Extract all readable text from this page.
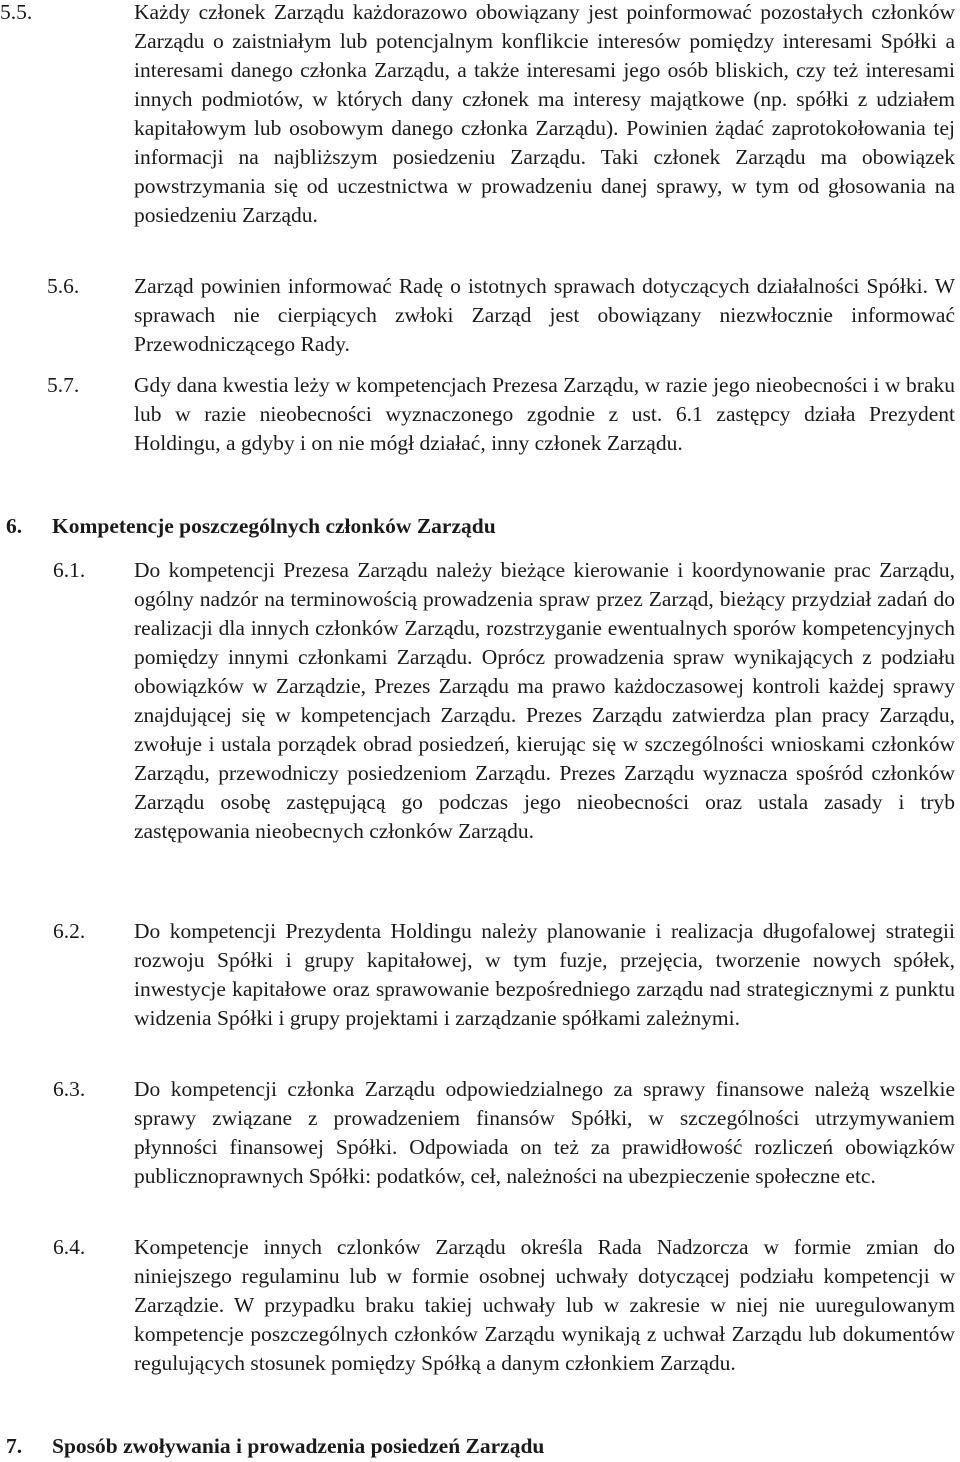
5.5.	Każdy członek Zarządu każdorazowo obowiązany jest poinformować pozostałych członków Zarządu o zaistniałym lub potencjalnym konflikcie interesów pomiędzy interesami Spółki a interesami danego członka Zarządu, a także interesami jego osób bliskich, czy też interesami innych podmiotów, w których dany członek ma interesy majątkowe (np. spółki z udziałem kapitałowym lub osobowym danego członka Zarządu). Powinien żądać zaprotokołowania tej informacji na najbliższym posiedzeniu Zarządu. Taki członek Zarządu ma obowiązek powstrzymania się od uczestnictwa w prowadzeniu danej sprawy, w tym od głosowania na posiedzeniu Zarządu.
5.6.	Zarząd powinien informować Radę o istotnych sprawach dotyczących działalności Spółki. W sprawach nie cierpiących zwłoki Zarząd jest obowiązany niezwłocznie informować Przewodniczącego Rady.
5.7.	Gdy dana kwestia leży w kompetencjach Prezesa Zarządu, w razie jego nieobecności i w braku lub w razie nieobecności wyznaczonego zgodnie z ust. 6.1 zastępcy działa Prezydent Holdingu, a gdyby i on nie mógł działać, inny członek Zarządu.
6. Kompetencje poszczególnych członków Zarządu
6.1. Do kompetencji Prezesa Zarządu należy bieżące kierowanie i koordynowanie prac Zarządu, ogólny nadzór na terminowością prowadzenia spraw przez Zarząd, bieżący przydział zadań do realizacji dla innych członków Zarządu, rozstrzyganie ewentualnych sporów kompetencyjnych pomiędzy innymi członkami Zarządu. Oprócz prowadzenia spraw wynikających z podziału obowiązków w Zarządzie, Prezes Zarządu ma prawo każdoczasowej kontroli każdej sprawy znajdującej się w kompetencjach Zarządu. Prezes Zarządu zatwierdza plan pracy Zarządu, zwołuje i ustala porządek obrad posiedzeń, kierując się w szczególności wnioskami członków Zarządu, przewodniczy posiedzeniom Zarządu. Prezes Zarządu wyznacza spośród członków Zarządu osobę zastępującą go podczas jego nieobecności oraz ustala zasady i tryb zastępowania nieobecnych członków Zarządu.
6.2. Do kompetencji Prezydenta Holdingu należy planowanie i realizacja długofalowej strategii rozwoju Spółki i grupy kapitałowej, w tym fuzje, przejęcia, tworzenie nowych spółek, inwestycje kapitałowe oraz sprawowanie bezpośredniego zarządu nad strategicznymi z punktu widzenia Spółki i grupy projektami i zarządzanie spółkami zależnymi.
6.3. Do kompetencji członka Zarządu odpowiedzialnego za sprawy finansowe należą wszelkie sprawy związane z prowadzeniem finansów Spółki, w szczególności utrzymywaniem płynności finansowej Spółki. Odpowiada on też za prawidłowość rozliczeń obowiązków publicznoprawnych Spółki: podatków, ceł, należności na ubezpieczenie społeczne etc.
6.4. Kompetencje innych czlonków Zarządu określa Rada Nadzorcza w formie zmian do niniejszego regulaminu lub w formie osobnej uchwały dotyczącej podziału kompetencji w Zarządzie. W przypadku braku takiej uchwały lub w zakresie w niej nie uuregulowanym kompetencje poszczególnych członków Zarządu wynikają z uchwał Zarządu lub dokumentów regulujących stosunek pomiędzy Spółką a danym członkiem Zarządu.
7. Sposób zwoływania i prowadzenia posiedzeń Zarządu
